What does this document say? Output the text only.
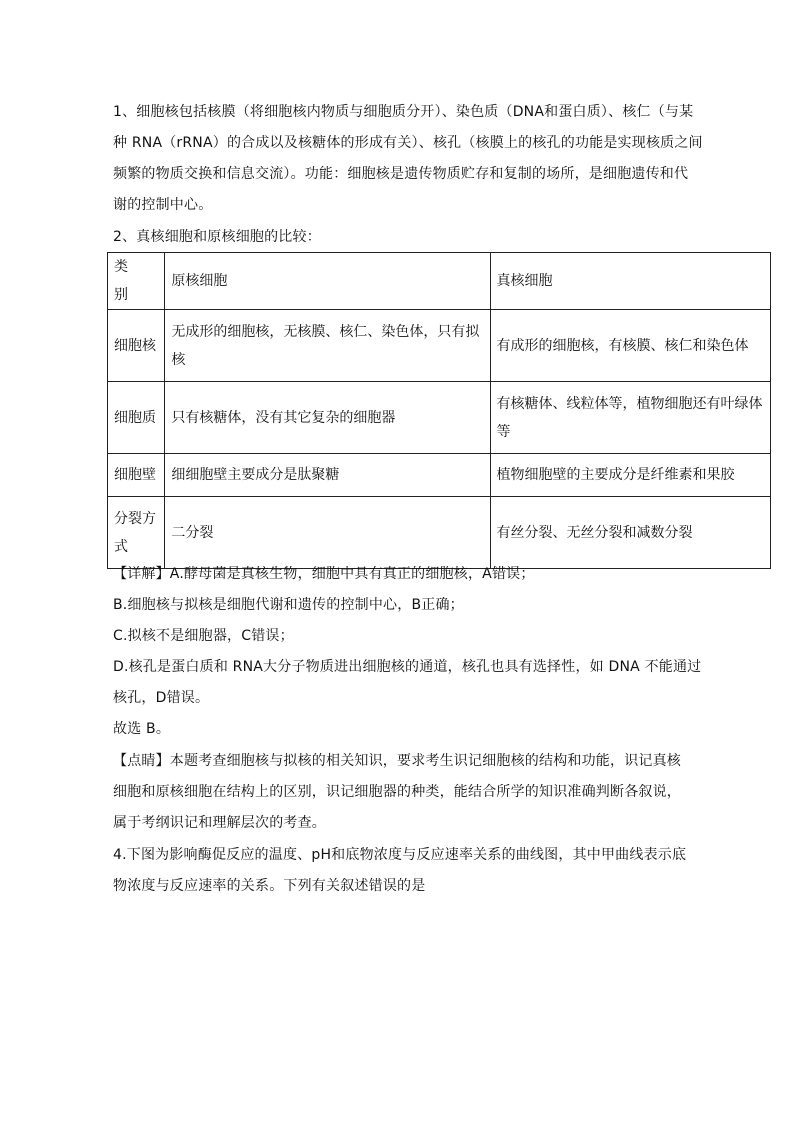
1、细胞核包括核膜（将细胞核内物质与细胞质分开）、染色质（DNA和蛋白质）、核仁（与某
种 RNA（rRNA）的合成以及核糖体的形成有关）、核孔（核膜上的核孔的功能是实现核质之间
频繁的物质交换和信息交流）。功能：细胞核是遗传物质贮存和复制的场所，是细胞遗传和代
谢的控制中心。
2、真核细胞和原核细胞的比较：
类 别	原核细胞	真核细胞
细胞核	无成形的细胞核，无核膜、核仁、染色体，只有拟核	有成形的细胞核，有核膜、核仁和染色体
细胞质	只有核糖体，没有其它复杂的细胞器	有核糖体、线粒体等，植物细胞还有叶绿体等
细胞壁	细细胞壁主要成分是肽聚糖	植物细胞壁的主要成分是纤维素和果胶
分裂方式	二分裂	有丝分裂、无丝分裂和减数分裂
【详解】A.酵母菌是真核生物，细胞中具有真正的细胞核，A错误；
B.细胞核与拟核是细胞代谢和遗传的控制中心，B正确；
C.拟核不是细胞器，C错误；
D.核孔是蛋白质和 RNA大分子物质进出细胞核的通道，核孔也具有选择性，如 DNA 不能通过
核孔，D错误。
故选 B。
【点睛】本题考查细胞核与拟核的相关知识，要求考生识记细胞核的结构和功能，识记真核
细胞和原核细胞在结构上的区别，识记细胞器的种类，能结合所学的知识准确判断各叙说，
属于考纲识记和理解层次的考查。
4.下图为影响酶促反应的温度、pH和底物浓度与反应速率关系的曲线图，其中甲曲线表示底
物浓度与反应速率的关系。下列有关叙述错误的是
